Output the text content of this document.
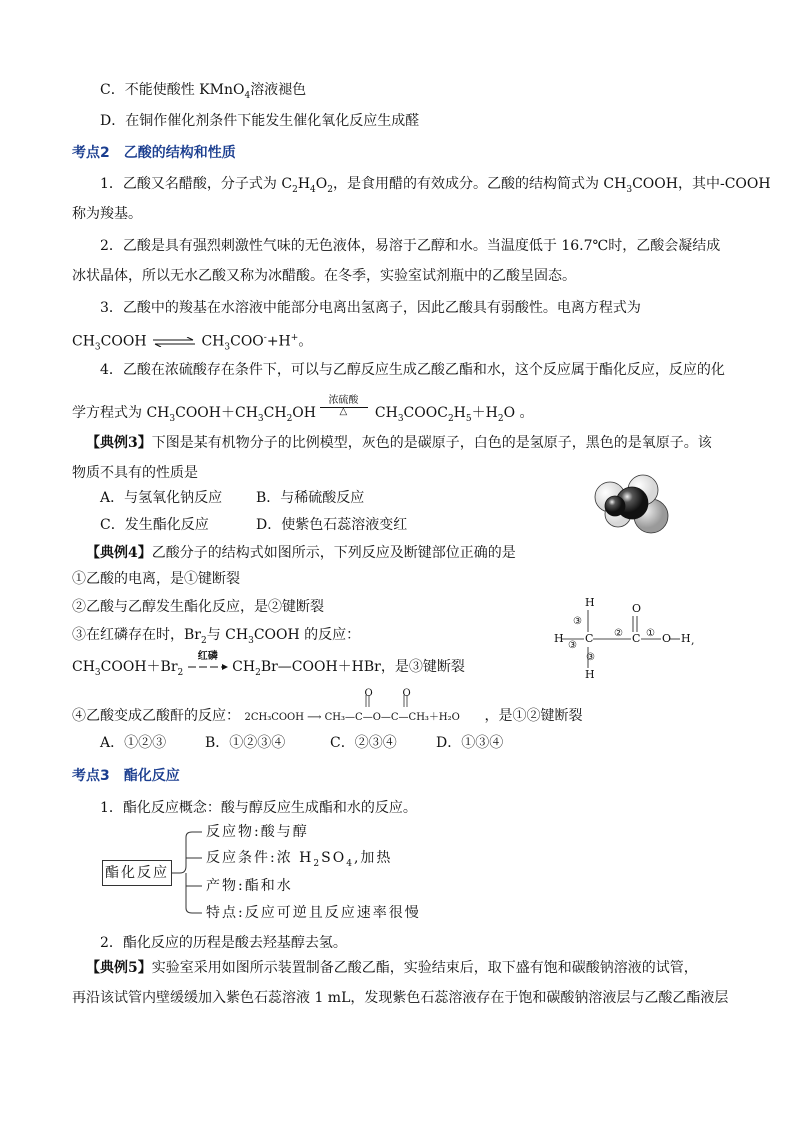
C．不能使酸性 KMnO$_4$溶液褪色
D．在铜作催化剂条件下能发生催化氧化反应生成醛
考点2 乙酸的结构和性质
1．乙酸又名醋酸，分子式为 $C_2H_4O_2$，是食用醋的有效成分。乙酸的结构简式为 $CH_3COOH$，其中-COOH
称为羧基。
2．乙酸是具有强烈刺激性气味的无色液体，易溶于乙醇和水。当温度低于 16.7℃时，乙酸会凝结成
冰状晶体，所以无水乙酸又称为冰醋酸。在冬季，实验室试剂瓶中的乙酸呈固态。
3．乙酸中的羧基在水溶液中能部分电离出氢离子，因此乙酸具有弱酸性。电离方程式为
$CH_3COOH$ ⇌ $CH_3COO^-+H^+$。
4．乙酸在浓硫酸存在条件下，可以与乙醇反应生成乙酸乙酯和水，这个反应属于酯化反应，反应的化
学方程式为 $CH_3COOH+CH_3CH_2OH$
浓硫酸
△ $CH_3COOC_2H_5+H_2O$ 。
【典例3】下图是某有机物分子的比例模型，灰色的是碳原子，白色的是氢原子，黑色的是氧原子。该
物质不具有的性质是
A．与氢氧化钠反应 B．与稀硫酸反应
C．发生酯化反应	D．使紫色石蕊溶液变红
【典例4】乙酸分子的结构式如图所示，下列反应及断键部位正确的是
①乙酸的电离，是①键断裂
②乙酸与乙醇发生酯化反应，是②键断裂
③在红磷存在时，$Br_2$与 $CH_3COOH$ 的反应：
$CH_3COOH+Br_2$
红磷
$CH_2Br—COOH+HBr$，是③键断裂
H	O
H C	C O H
H
③
③
③
② ①
,
④乙酸变成乙酸酐的反应： 2CH₃COOH ⟶ CH₃—C—O—C—CH₃＋H₂O
O	O
，是①②键断裂
A．①②③	B．①②③④	C．②③④	D．①③④
考点3 酯化反应
1．酯化反应概念：酸与醇反应生成酯和水的反应。
酯化反应
反应物:酸与醇
反应条件:浓 $H_2SO_4$,加热
产物:酯和水
特点:反应可逆且反应速率很慢
2．酯化反应的历程是酸去羟基醇去氢。
【典例5】实验室采用如图所示装置制备乙酸乙酯，实验结束后，取下盛有饱和碳酸钠溶液的试管，
再沿该试管内壁缓缓加入紫色石蕊溶液 1 mL，发现紫色石蕊溶液存在于饱和碳酸钠溶液层与乙酸乙酯液层
